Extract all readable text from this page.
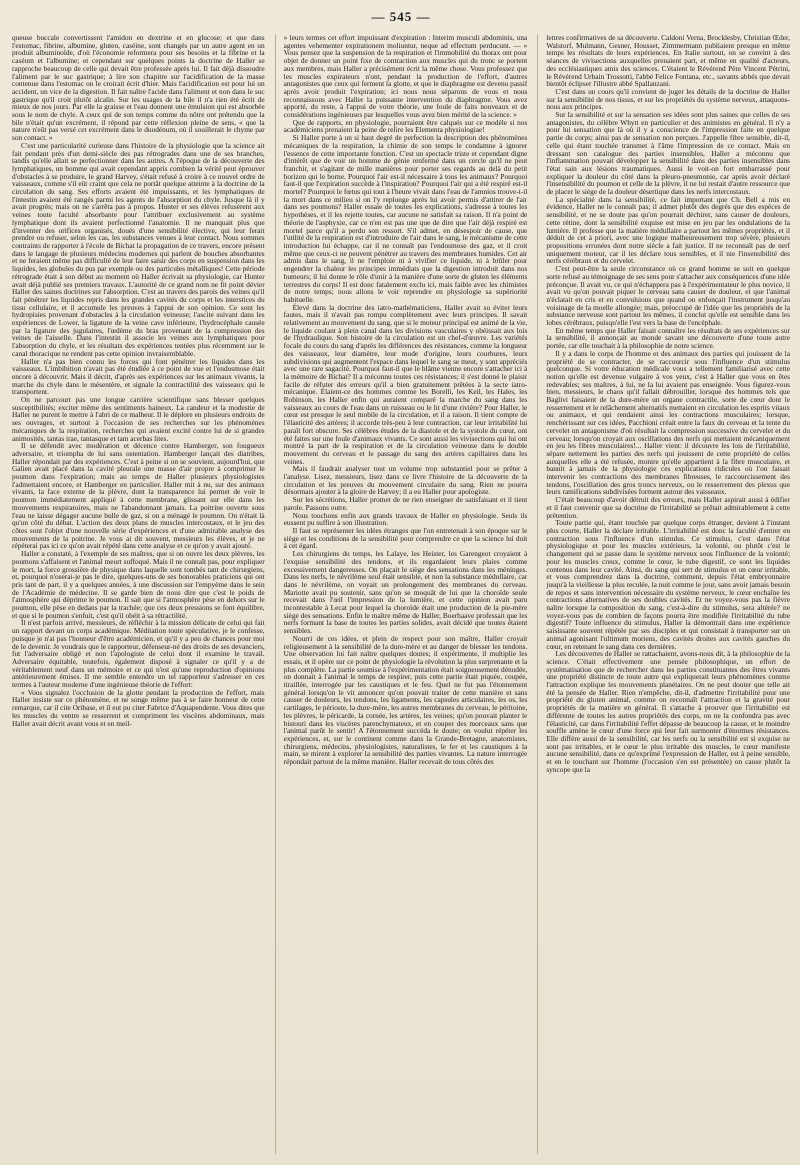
— 545 —

queuse buccale convertissent l'amidon en dextrine et en glucose; et que dans l'estomac, fibrine, albumine, gluten, caséine, sont changés par un autre agent en un produit albuminoïde, d'où l'économie reformera pour ses besoins et la fibrine et la caséum et l'albumine; et cependant sur quelques points la doctrine de Haller se rapproche beaucoup de celle qui devait être professée après lui. Il fait déjà dissoudre l'aliment par le suc gastrique; à lire son chapitre sur l'acidification de la masse contenue dans l'estomac on le croirait écrit d'hier. Mais l'acidification est pour lui un accident, un vice de la digestion. Il fait naître l'acide dans l'aliment et non dans le suc gastrique qu'il croit plutôt alcalin. Sur les usages de la bile il n'a rien été écrit de mieux de nos jours. Par elle la graisse et l'eau donnent une émulsion qui est absorbée sous le nom de chyle. A ceux qui de son temps comme du nôtre ont prétendu que la bile n'était qu'un excrément, il répond par cette réflexion pleine de sens, « que la nature n'eût pas versé cet excrément dans le duodénum, où il souillerait le chyme par son contact. »

C'est une particularité curieuse dans l'histoire de la physiologie que la science ait fait pendant près d'un demi-siècle des pas rétrogrades dans une de ses branches, tandis qu'elle allait se perfectionner dans les autres. A l'époque de la découverte des lymphatiques, un homme qui avait cependant appris combien la vérité peut éprouver d'obstacles à se produire, le grand Harvey, s'était refusé à croire à ce nouvel ordre de vaisseaux, comme s'il eût craint que cela ne portât quelque atteinte à la doctrine de la circulation du sang. Ses efforts avaient été impuissants, et les lymphatiques de l'intestin avaient été rangés parmi les agents de l'absorption du chyle. Jusque là il y avait progrès; mais on ne s'arrêta pas à propos. Hunter et ses élèves refusèrent aux veines toute faculté absorbante pour l'attribuer exclusivement au système lymphatique dont ils avaient perfectionné l'anatomie. Il ne manquait plus que d'inventer des orifices organisés, doués d'une sensibilité élective, qui leur ferait prendre ou refuser, selon les cas, les substances venues à leur contact. Nous sommes contraints de rapporter à l'école de Bichat la propagation de ce travers, encore présent dans le langage de plusieurs médecins modernes qui parlent de bouches absorbantes et ne feraient même pas difficulté de leur faire saisir des corps en suspension dans les liquides, les globules du pus par exemple ou des particules métalliques! Cette période rétrograde était à son début au moment où Haller écrivait sa physiologie, car Hunter avait déjà publié ses premiers travaux. L'autorité de ce grand nom ne fit point dévier Haller des saines doctrines sur l'absorption. C'est au travers des parois des veines qu'il fait pénétrer les liquides repris dans les grandes cavités du corps et les interstices du tissu cellulaire, et il accumule les preuves à l'appui de son opinion. Ce sont les hydropisies provenant d'obstacles à la circulation veineuse; l'ascite suivant dans les expériences de Lower, la ligature de la veine cave inférieure, l'hydrocéphale causée par la ligature des jugulaires, l'œdème du bras provenant de la compression des veines de l'aisselle. Dans l'intestin il associe les veines aux lymphatiques pour l'absorption du chyle, et les résultats des expériences tentées plus récemment sur le canal thoracique ne rendent pas cette opinion invraisemblable.

Haller n'a pas bien connu les forces qui font pénétrer les liquides dans les vaisseaux. L'imbibition n'avait pas été étudiée à ce point de vue et l'endosmose était encore à découvrir. Mais il décrit, d'après ses expériences sur les animaux vivants, la marche du chyle dans le mésentère, et signale la contractilité des vaisseaux qui le transportent.

On ne parcourt pas une longue carrière scientifique sans blesser quelques susceptibilités; exciter même des sentiments haineux. La candeur et la modestie de Haller ne purent le mettre à l'abri de ce malheur. Il le déplore en plusieurs endroits de ses ouvrages, et surtout à l'occasion de ses recherches sur les phénomènes mécaniques de la respiration, recherches qui avaient excité contre lui de si grandes animosités, tantas irae, tantasque et tam acerbas lites.

Il se défendit avec modération et décence contre Hamberger, son fougueux adversaire, et triompha de lui sans ostentation. Hamberger lançait des diatribes, Haller répondait par des expériences. C'est à peine si on se souvient, aujourd'hui, que Galien avait placé dans la cavité pleurale une masse d'air propre à comprimer le poumon dans l'expiration; mais au temps de Haller plusieurs physiologistes l'admettaient encore, et Hamberger en particulier. Haller mit à nu, sur des animaux vivants, la face externe de la plèvre, dont la transparence lui permet de voir le poumon immédiatement appliqué à cette membrane, glissant sur elle dans les mouvements respiratoires, mais ne l'abandonnant jamais. La poitrine ouverte sous l'eau ne laisse dégager aucune bulle de gaz, si on a ménagé le poumon. On n'était là qu'un côté du débat. L'action des deux plans de muscles intercostaux, et le jeu des côtes sont l'objet d'une nouvelle série d'expériences et d'une admirable analyse des mouvements de la poitrine. Je vous ai dit souvent, messieurs les élèves, et je ne répéterai pas ici ce qu'on avait répété dans cette analyse et ce qu'on y avait ajouté.

Haller a constaté, à l'exemple de ses maîtres, que si on ouvre les deux plèvres, les poumons s'affaisent et l'animal meurt suffoqué. Mais il ne connaît pas, pour expliquer le mort, la force grossière de physique dans laquelle sont tombés tant de chirurgiens, et, pourquoi n'oserai-je pas le dire, quelques-uns de ses honorables praticiens qui ont pris tant de part, il y a quelques années, à une discussion sur l'empyème dans le sein de l'Académie de médecine. Il se garde bien de nous dire que c'est le poids de l'atmosphère qui déprime le poumon. Il sait que si l'atmosphère pèse en dehors sur le poumon, elle pèse en dedans par la trachée; que ces deux pressions se font équilibre, et que si le poumon s'enfuit, c'est qu'il obéit à sa rétractilité.

Il n'est parfois arrivé, messieurs, de réfléchir à la mission délicate de celui qui fait un rapport devant un corps académique. Méditation toute spéculative, je le confesse, puisque je n'ai pas l'honneur d'être académicien, et qu'il y a peu de chances pour moi de le devenir. Je voudrais que le rapporteur, défenseur-né des droits de ses devanciers, fut l'adversaire obligé et non l'apologiste de celui dont il examine le travail. Adversaire équitable, toutefois, également disposé à signaler ce qu'il y a de véritablement neuf dans un mémoire et ce qui n'est qu'une reproduction d'opinions antérieurement émises. Il me semble entendre un tel rapporteur s'adresser en ces termes à l'auteur moderne d'une ingénieuse théorie de l'effort:

« Vous signalez l'occlusion de la glotte pendant la production de l'effort, mais Haller insiste sur ce phénomène, et ne songe même pas à se faire honneur de cette remarque, car il cite Oribase, et il eut pu citer Fabrice d'Aquapendente. Vous dites que les muscles du ventre se resserrent et compriment les viscères abdominaux, mais Haller avait décrit avant vous et en meil-

» leurs termes cet effort impuissant d'expiration : Interim musculi abdominis, una agentes vehementer expirationem moliuntur, neque ad effectum perducunt. — » Vous pensez que la suspension de la respiration et l'immobilité du thorax ont pour objet de donner un point fixe de contraction aux muscles qui du tronc se portent aux membres, mais Haller a précisément écrit la même chose. Vous professez que les muscles expirateurs n'ont, pendant la production de l'effort, d'autres antagonistes que ceux qui ferment la glotte, et que le diaphragme est devenu passif après avoir produit l'expiration; ici nous nous séparons de vous et nous reconnaissons avec Haller la puissante intervention du diaphragme. Vous avez apporté, du reste, à l'appui de votre théorie, une foule de faits nouveaux et de considérations ingénieuses par lesquelles vous avez bien mérité de la science. »

Que de rapports, en physiologie, pourraient être calqués sur ce modèle si nos académiciens prenaient la peine de relire les Elementa physiologiae!

Si Haller porte à un si haut degré de perfection la description des phénomènes mécaniques de la respiration, la chimie de son temps le condamne à ignorer l'essence de cette importante fonction. C'est un spectacle triste et cependant digne d'intérêt que de voir un homme de génie renfermé dans un cercle qu'il ne peut franchir, et s'agitant de mille manières pour porter ses regards au delà du petit horizon qui le borne. Pourquoi l'air est-il nécessaire à tous les animaux? Pourquoi faut-il que l'expiration succède à l'inspiration? Pourquoi l'air qui a été respiré est-il mortel? Pourquoi le fœtus qui tout à l'heure vivait dans l'eau de l'amnios trouve-t-il la mort dans ce milieu si on l'y replonge après lui avoir permis d'attirer de l'air dans ses poumons? Haller essaie de toutes les explications, s'adresse à toutes les hypothèses, et il les rejette toutes, car aucune ne satisfait sa raison. Il n'a point de théorie de l'asphyxie, car ce n'en est pas une que de dire que l'air déjà respiré est mortel parce qu'il a perdu son ressort. S'il admet, en désespoir de cause, que l'utilité de la respiration est d'introduire de l'air dans le sang, le mécanisme de cette introduction lui échappe, car il ne connaît pas l'endosmose des gaz, et il croit même que ceux-ci ne peuvent pénétrer au travers des membranes humides. Cet air admis dans le sang, il ne l'emploie ni à vivifier ce liquide, ni à brûler pour engendrer la chaleur les principes immédiats que la digestion introduit dans nos humeurs; il lui donne le rôle d'unir à la manière d'une sorte de gluten les éléments terrestres du corps! Il est donc fatalement exclu ici, mais faible avec les chimistes de notre temps; nous allons le voir reprendre en physiologie sa supériorité habituelle.

Élevé dans la doctrine des iatro-mathématiciens, Haller avait su éviter leurs fautes, mais il n'avait pas rompu complètement avec leurs principes. Il savait relativement au mouvement du sang, que si le moteur principal est animé de la vie, le liquide coulant à plein canal dans les divisions vasculaires y obéissait aux lois de l'hydraulique. Son histoire de la circulation est un chef-d'œuvre. Les variétés focale du cours du sang d'après les différences des résistances, comme la longueur des vaisseaux, leur diamètre, leur mode d'origine, leurs courbures, leurs subdivisions qui augmentent l'espace dans lequel le sang se meut, y sont appréciés avec une rare sagacité. Pourquoi faut-il que le blâme vienne encore s'attacher ici à la mémoire de Bichat? Il a méconnu toutes ces résistances; il s'est donné le plaisir facile de réfuter des erreurs qu'il a bien gratuitement prêtées à la secte iatro-mécanique. Élaient-ce des hommes comme les Borelli, les Keil, les Hales, les Robinson, les Haller enfin qui auraient comparé la marche du sang dans les vaisseaux au cours de l'eau dans un ruisseau ou le lit d'une rivière? Pour Haller, le cœur est presque le seul mobile de la circulation, et il a raison. Il tient compte de l'élasticité des artères; il accorde très-peu à leur contraction, car leur irritabilité lui paraît fort obscure. Ses célèbres études de la diastole et de la systole du cœur, ont été faites sur une foule d'animaux vivants. Ce sont aussi les vivisections qui lui ont montré la part de la respiration et de la circulation veineuse dans le double mouvement du cerveau et le passage du sang des artères capillaires dans les veines.

Mais il faudrait analyser tout un volume trop substantiel pour se prêter à l'analyse. Lisez, messieurs, lisez dans ce livre l'histoire de la découverte de la circulation et les preuves du mouvement circulaire du sang. Rien ne pourra désormais ajouter à la gloire de Harvey; il a eu Haller pour apologiste.

Sur les sécrétions, Haller promet de ne rien enseigner de satisfaisant et il tient parole. Passons outre.

Nous touchons enfin aux grands travaux de Haller en physiologie. Seuls ils eussent pu suffire à son illustration.

Il faut se représenter les idées étranges que l'on entretenait à son époque sur le siège et les conditions de la sensibilité pour comprendre ce que la science lui doit à cet égard.

Les chirurgiens du temps, les Lalaye, les Heister, les Garengeot croyaient à l'exquise sensibilité des tendons, et ils regardaient leurs plaies comme excessivement dangereuses. On plaçait le siège des sensations dans les méninges. Dans les nerfs, le névrilème seul était sensible, et non la substance médullaire, car dans le névrilème, on voyait un prolongement des membranes du cerveau. Mariotte avait pu soutenir, sans qu'on se moquât de lui que la choroïde seule recevait dans l'œil l'impression de la lumière, et cette opinion avait paru incontestable à Lecat pour lequel la choroïde était une production de la pie-mère siège des sensations. Enfin le maître même de Haller, Boerhaave professait que les nerfs formant la base de toutes les parties solides, avait décidé que toutes étaient sensibles.

Nourri de ces idées, et plein de respect pour son maître, Haller croyait religieusement à la sensibilité de la dure-mère et au danger de blesser les tendons. Une observation lui fait naître quelques doutes; il expérimente, il multiplie les essais, et il opère sur ce point de physiologie la révolution la plus surprenante et la plus complète. La partie soumise à l'expérimentation était soigneusement dénudée, on donnait à l'animal le temps de respirer, puis cette partie était piquée, coupée, tiraillée, interrogée par les caustiques et le feu. Quel ne fut pas l'étonnement général lorsqu'on le vit annoncer qu'on pouvait traiter de cette manière et sans causer de douleurs, les tendons, les ligaments, les capsules articulaires, les os, les cartilages, le périoste, la dure-mère, les autres membranes du cerveau, le péritoine, les plèvres, le péricarde, la cornée, les artères, les veines; qu'on pouvait planter le bistouri dans les viscères parenchymateux, et en couper des morceaux sans que l'animal parût le sentir! A l'étonnement succéda le doute; on voulut répéter les expériences, et, sur le continent comme dans la Grande-Bretagne, anatomistes, chirurgiens, médecins, physiologistes, naturalistes, le fer et les caustiques à la main, se mirent à explorer la sensibilité des parties vivantes. La nature interrogée répondait partout de la même manière. Haller recevait de tous côtés des

lettres confirmatives de sa découverte. Caldoni Verna, Brocklesby, Christian Œder, Walstorf, Mulmann, Gesner, Housset, Zimmermann publiaient presque en même temps les résultats de leurs expériences. En Italie surtout, on se convint à des séances de vivisections auxquelles prenaient part, et même en qualité d'acteurs, des ecclésiastiques amis des sciences. C'étaient le Révérend Père Vincent Pétrini, le Révérend Urbain Trossotti, l'abbé Felice Fontana, etc., savants abbés que devait bientôt éclipser l'illustre abbé Spallanzani.

C'est dans un cours qu'il convient de juger les détails de la doctrine de Haller sur la sensibilité de nos tissus, et sur les propriétés du système nerveux, attaquons-nous aux principes.

Sur la sensibilité et sur la sensation ses idées sont plus saines que celles de ses antagonistes, du célèbre Whytt en particulier et des animistes en général. Il n'y a pour lui sensation que là où il y a conscience de l'impression faite en quelque partie du corps; ainsi pas de sensation non perçues. J'appelle fibre sensible, dit-il, celle qui étant touchée transmet à l'âme l'impression de ce contact. Mais en dressant son catalogue des parties insensibles, Haller a méconnu que l'inflammation pouvait développer la sensibilité dans des parties insensibles dans l'état sain aux lésions traumatiques. Aussi le voit-on fort embarrassé pour expliquer la douleur du côté dans la pleuro-pneumonie, car après avoir déclaré l'insensibilité du poumon et celle de la plèvre, il ne lui restait d'autre ressource que de placer le siège de la douleur désertique dans les nerfs intercostaux.

La spécialité dans la sensibilité, ce fait important que Ch. Bell a mis en évidence, Haller ne le connaît pas; il admet plutôt des degrés que des espèces de sensibilité, et ne se doute pas qu'on pourrait déchirer, sans causer de douleurs, cette rétine, dont la sensibilité exquise est mise en jeu par les ondulations de la lumière. Il professe que la matière médullaire a partout les mêmes propriétés, et il déduit de cet à priori, avec une logique malheureusement trop sévère, plusieurs propositions erronées dont notre siècle a fait justice. Il ne reconnaît pas de nerf uniquement moteur, car il les déclare tous sensibles, et il nie l'insensibilité des nerfs cérébraux et du cervelet.

C'est peut-être la seule circonstance où ce grand homme se soit en quelque sorte refusé au témoignage de ses sens pour s'attacher aux conséquences d'une idée préconçue. Il avait vu, ce qui n'échappera pas à l'expérimentateur le plus novice, il avait vu qu'on pouvait piquer le cerveau sans causer de douleur, et que l'animal n'éclatait en cris et en convulsions que quand on enfonçait l'instrument jusqu'au voisinage de la moelle allongée; mais, préoccupé de l'idée que les propriétés de la substance nerveuse sont partout les mêmes, il conclut qu'elle est sensible dans les lobes cérébraux, puisqu'elle l'est vers la base de l'encéphale.

En même temps que Haller faisait connaître les résultats de ses expériences sur la sensibilité, il annonçait au monde savant une découverte d'une toute autre portée, car elle touchait à la philosophie de notre science.

Il y a dans le corps de l'homme et des animaux des parties qui jouissent de la propriété de se contracter, de se raccourcir sous l'influence d'un stimulus quelconque. Si votre éducation médicale vous a tellement familiarisé avec cette notion qu'elle est devenue vulgaire à vos yeux, c'est à Haller que vous en êtes redevables; ses maîtres, à lui, ne la lui avaient pas enseignée. Vous figurez-vous bien, messieurs, le chaos qu'il fallait débrouiller, lorsque des hommes tels que Baglivi faisaient de la dure-mère un organe contractile, sorte de cœur dont le resserrement et le relâchement alternatifs mettaient en circulation les esprits vitaux ou animaux, et qui rendaient ainsi les contractions musculaires; lorsque, renchérissant sur ces idées, Pacchioni créait entre la faux du cerveau et la tente du cervelet un antagonisme d'où résultait la compression successive du cervelet et du cerveau; lorsqu'on croyait aux oscillations des nerfs qui mettaient mécaniquement en jeu les fibres musculaires!... Haller vient: il découvre les lois de l'irritabilité, sépare nettement les parties des nerfs qui jouissent de cette propriété de celles auxquelles elle a été refusée, montre qu'elle appartient à la fibre musculaire, et bannit à jamais de la physiologie ces explications ridicules où l'on faisait intervenir les contractions des membranes fibreuses, le raccourcissement des tendons, l'oscillation des gros troncs nerveux, ou le resserrement des plexus que leurs ramifications subdivisées forment autour des vaisseaux.

C'était beaucoup d'avoir détruit des erreurs, mais Haller aspirait aussi à édifier et il faut convenir que sa doctrine de l'irritabilité se prêtait admirablement à cette prétention.

Toute partie qui, étant touchée par quelque corps étranger, devient à l'instant plus courte, Haller la déclare irritable. L'irritabilité est donc la faculté d'entrer en contraction sous l'influence d'un stimulus. Ce stimulus, c'est dans l'état physiologique et pour les muscles extérieurs, la volonté, ou plutôt c'est le changement qui se passe dans le système nerveux sous l'influence de la volonté; pour les muscles creux, comme le cœur, le tube digestif, ce sont les liquides contenus dans leur cavité. Ainsi, du sang qui sert de stimulus et un cœur irritable, et vous comprendrez dans la doctrine, comment, depuis l'état embryonnaire jusqu'à la vieillesse la plus reculée, la nuit comme le jour, sans avoir jamais besoin de repos et sans intervention nécessaire du système nerveux, le cœur enchaîne les contractions alternatives de ses doubles cavités. Et ne voyez-vous pas la fièvre naître lorsque la composition du sang, c'est-à-dire du stimulus, sera altérée? ne voyez-vous pas de combien de façons pourra être modifiée l'irritabilité du tube digestif? Toute influence du stimulus, Haller la démontrait dans une expérience saisissante souvent répétée par ses disciples et qui consistait à transporter sur un animal agonisant l'ultimum moriens, des cavités droites aux cavités gauches du cœur, en retenant le sang dans ces dernières.

Les découvertes de Haller se rattachaient, avons-nous dit, à la philosophie de la science. C'était effectivement une pensée philosophique, un effort de systématisation que de rechercher dans les parties constituantes des êtres vivants une propriété distincte de toute autre qui expliquerait leurs phénomènes comme l'attraction explique les mouvements planétaires. On ne peut douter que telle ait été la pensée de Haller. Rien n'empêche, dit-il, d'admettre l'irritabilité pour une propriété du gluten animal, comme on reconnaît l'attraction et la gravité pour propriétés de la matière en général. Il s'attache à prouver que l'irritabilité est différente de toutes les autres propriétés des corps, on ne la confondra pas avec l'élasticité, car dans l'irritabilité l'effet dépasse de beaucoup la cause, et le moindre souffle amène le cœur d'une force qui leur fait surmonter d'énormes résistances. Elle diffère aussi de la sensibilité, car les nerfs ou la sensibilité est si exquise ne sont pas irritables, et le cœur le plus irritable des muscles, le cœur manifeste aucune sensibilité, dans ce qu'exprimé l'expression de Haller, est à peine sensible, et en le touchant sur l'homme (l'occasion s'en est présentée) on cause plutôt la syncope que la
